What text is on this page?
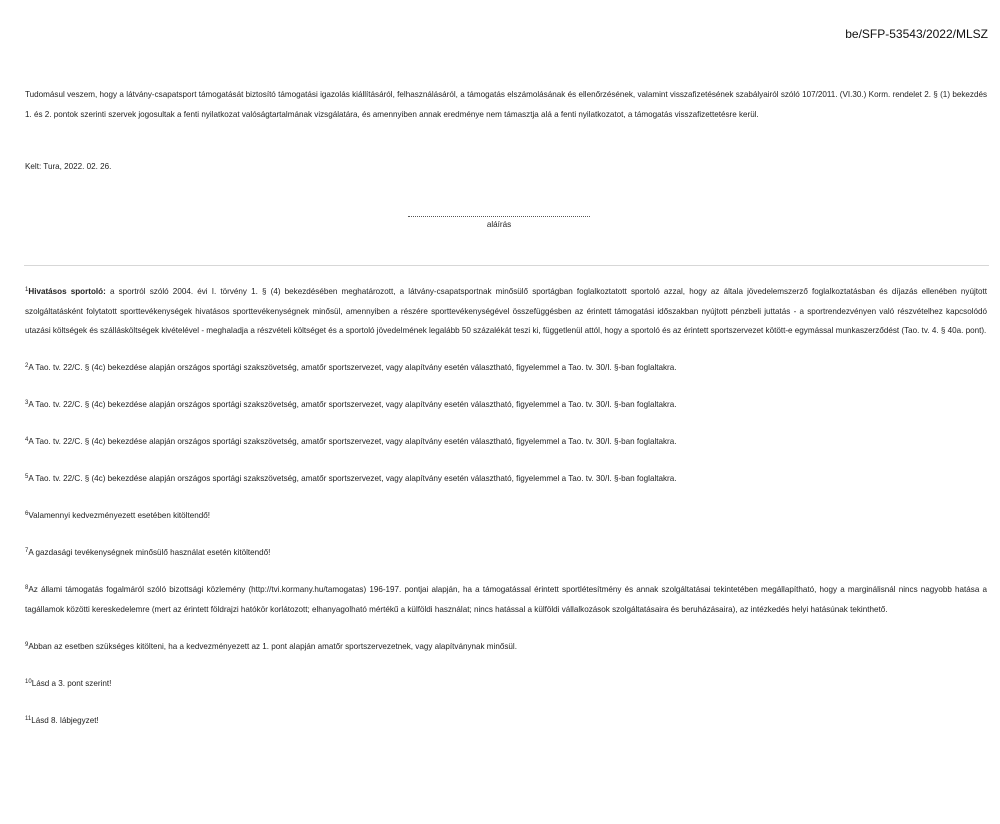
be/SFP-53543/2022/MLSZ

Tudomásul veszem, hogy a látvány-csapatsport támogatását biztosító támogatási igazolás kiállításáról, felhasználásáról, a támogatás elszámolásának és ellenőrzésének, valamint visszafizetésének szabályairól szóló 107/2011. (VI.30.) Korm. rendelet 2. § (1) bekezdés 1. és 2. pontok szerinti szervek jogosultak a fenti nyilatkozat valóságtartalmának vizsgálatára, és amennyiben annak eredménye nem támasztja alá a fenti nyilatkozatot, a támogatás visszafizettetésre kerül.

Kelt: Tura, 2022. 02. 26.
aláírás

$^1$Hivatásos sportoló: a sportról szóló 2004. évi I. törvény 1. § (4) bekezdésében meghatározott, a látvány-csapatsportnak minősülő sportágban foglalkoztatott sportoló azzal, hogy az általa jövedelemszerző foglalkoztatásban és díjazás ellenében nyújtott szolgáltatásként folytatott sporttevékenységek hivatásos sporttevékenységnek minősül, amennyiben a részére sporttevékenységével összefüggésben az érintett támogatási időszakban nyújtott pénzbeli juttatás - a sportrendezvényen való részvételhez kapcsolódó utazási költségek és szállásköltségek kivételével - meghaladja a részvételi költséget és a sportoló jövedelmének legalább 50 százalékát teszi ki, függetlenül attól, hogy a sportoló és az érintett sportszervezet kötött-e egymással munkaszerződést (Tao. tv. 4. § 40a. pont).

$^2$A Tao. tv. 22/C. § (4c) bekezdése alapján országos sportági szakszövetség, amatőr sportszervezet, vagy alapítvány esetén választható, figyelemmel a Tao. tv. 30/I. §-ban foglaltakra.

$^3$A Tao. tv. 22/C. § (4c) bekezdése alapján országos sportági szakszövetség, amatőr sportszervezet, vagy alapítvány esetén választható, figyelemmel a Tao. tv. 30/I. §-ban foglaltakra.

$^4$A Tao. tv. 22/C. § (4c) bekezdése alapján országos sportági szakszövetség, amatőr sportszervezet, vagy alapítvány esetén választható, figyelemmel a Tao. tv. 30/I. §-ban foglaltakra.

$^5$A Tao. tv. 22/C. § (4c) bekezdése alapján országos sportági szakszövetség, amatőr sportszervezet, vagy alapítvány esetén választható, figyelemmel a Tao. tv. 30/I. §-ban foglaltakra.

$^6$Valamennyi kedvezményezett esetében kitöltendő!

$^7$A gazdasági tevékenységnek minősülő használat esetén kitöltendő!

$^8$Az állami támogatás fogalmáról szóló bizottsági közlemény (http://tvi.kormany.hu/tamogatas) 196-197. pontjai alapján, ha a támogatással érintett sportlétesítmény és annak szolgáltatásai tekintetében megállapítható, hogy a marginálisnál nincs nagyobb hatása a tagállamok közötti kereskedelemre (mert az érintett földrajzi hatókör korlátozott; elhanyagolható mértékű a külföldi használat; nincs hatással a külföldi vállalkozások szolgáltatásaira és beruházásaira), az intézkedés helyi hatásúnak tekinthető.

$^9$Abban az esetben szükséges kitölteni, ha a kedvezményezett az 1. pont alapján amatőr sportszervezetnek, vagy alapítványnak minősül.

$^{10}$Lásd a 3. pont szerint!

$^{11}$Lásd 8. lábjegyzet!
